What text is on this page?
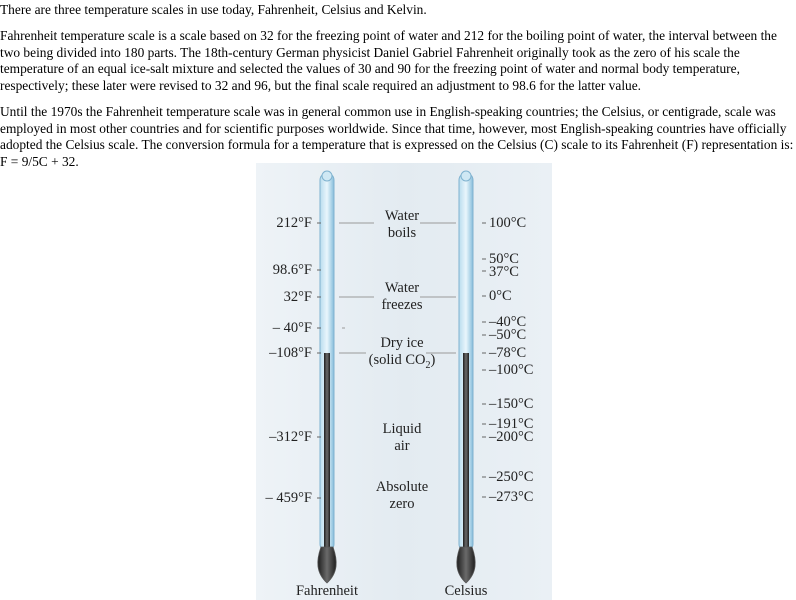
There are three temperature scales in use today, Fahrenheit, Celsius and Kelvin.

Fahrenheit temperature scale is a scale based on 32 for the freezing point of water and 212 for the boiling point of water, the interval between the two being divided into 180 parts. The 18th-century German physicist Daniel Gabriel Fahrenheit originally took as the zero of his scale the temperature of an equal ice-salt mixture and selected the values of 30 and 90 for the freezing point of water and normal body temperature, respectively; these later were revised to 32 and 96, but the final scale required an adjustment to 98.6 for the latter value.

Until the 1970s the Fahrenheit temperature scale was in general common use in English-speaking countries; the Celsius, or centigrade, scale was employed in most other countries and for scientific purposes worldwide. Since that time, however, most English-speaking countries have officially adopted the Celsius scale. The conversion formula for a temperature that is expressed on the Celsius (C) scale to its Fahrenheit (F) representation is: F = 9/5C + 32.

212°F
98.6°F
32°F
– 40°F
–108°F
–312°F
– 459°F
100°C
50°C
37°C
0°C
–40°C
–50°C
–78°C
–100°C
–150°C
–191°C
–200°C
–250°C
–273°C
Water
boils
Water
freezes
Dry ice
(solid $CO_2$)
Liquid
air
Absolute
zero
Fahrenheit	Celsius
